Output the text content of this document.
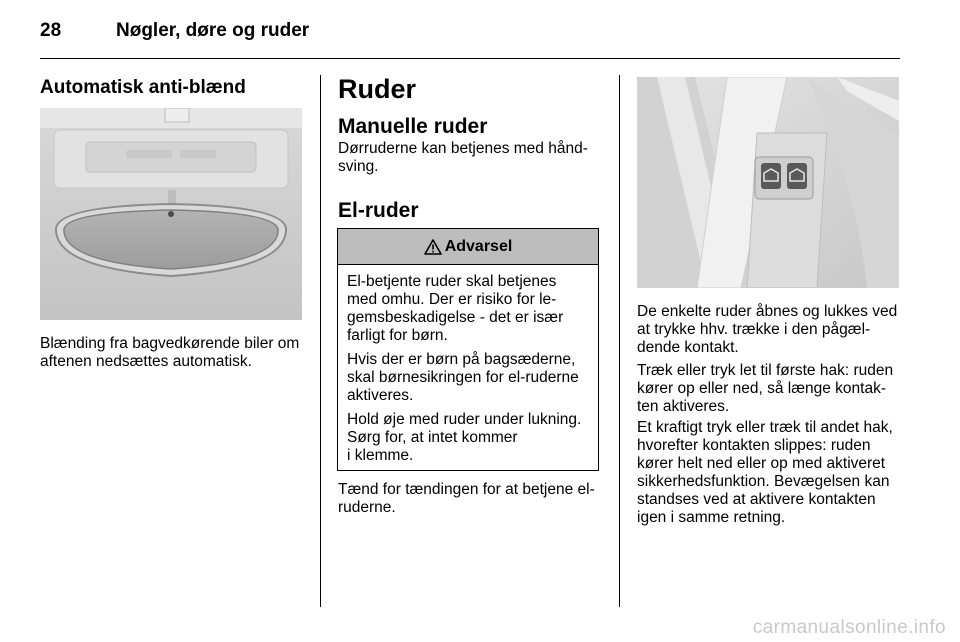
28	Nøgler, døre og ruder
Automatisk anti-blænd
Blænding fra bagvedkørende biler om
aftenen nedsættes automatisk.
Ruder
Manuelle ruder
Dørruderne kan betjenes med hånd-
sving.
El-ruder
Advarsel
El-betjente ruder skal betjenes
med omhu. Der er risiko for le-
gemsbeskadigelse - det er især
farligt for børn.
Hvis der er børn på bagsæderne,
skal børnesikringen for el-ruderne
aktiveres.
Hold øje med ruder under lukning.
Sørg for, at intet kommer
i klemme.
Tænd for tændingen for at betjene el-
ruderne.
De enkelte ruder åbnes og lukkes ved
at trykke hhv. trække i den pågæl-
dende kontakt.
Træk eller tryk let til første hak: ruden
kører op eller ned, så længe kontak-
ten aktiveres.
Et kraftigt tryk eller træk til andet hak,
hvorefter kontakten slippes: ruden
kører helt ned eller op med aktiveret
sikkerhedsfunktion. Bevægelsen kan
standses ved at aktivere kontakten
igen i samme retning.
carmanualsonline.info
